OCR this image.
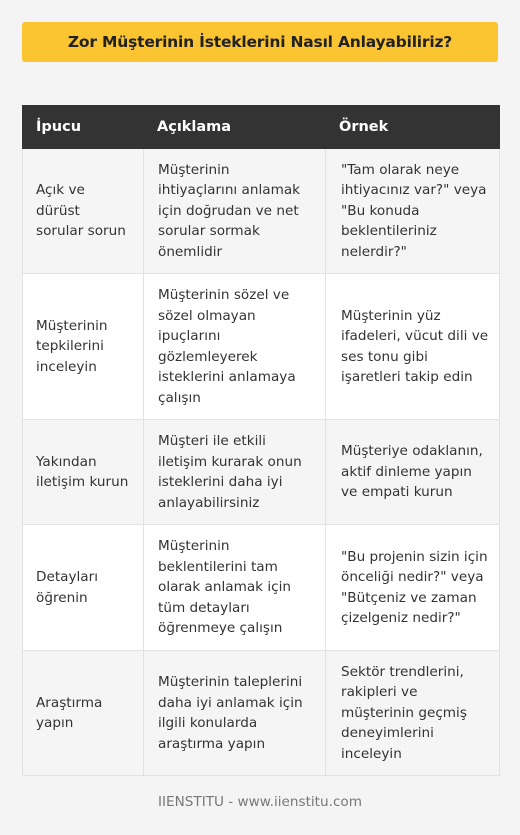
Zor Müşterinin İsteklerini Nasıl Anlayabiliriz?
İpucu	Açıklama	Örnek
Açık ve dürüst sorular sorun	Müşterinin ihtiyaçlarını anlamak için doğrudan ve net sorular sormak önemlidir	"Tam olarak neye ihtiyacınız var?" veya "Bu konuda beklentileriniz nelerdir?"
Müşterinin tepkilerini inceleyin	Müşterinin sözel ve sözel olmayan ipuçlarını gözlemleyerek isteklerini anlamaya çalışın	Müşterinin yüz ifadeleri, vücut dili ve ses tonu gibi işaretleri takip edin
Yakından iletişim kurun	Müşteri ile etkili iletişim kurarak onun isteklerini daha iyi anlayabilirsiniz	Müşteriye odaklanın, aktif dinleme yapın ve empati kurun
Detayları öğrenin	Müşterinin beklentilerini tam olarak anlamak için tüm detayları öğrenmeye çalışın	"Bu projenin sizin için önceliği nedir?" veya "Bütçeniz ve zaman çizelgeniz nedir?"
Araştırma yapın	Müşterinin taleplerini daha iyi anlamak için ilgili konularda araştırma yapın	Sektör trendlerini, rakipleri ve müşterinin geçmiş deneyimlerini inceleyin
IIENSTITU - www.iienstitu.com
